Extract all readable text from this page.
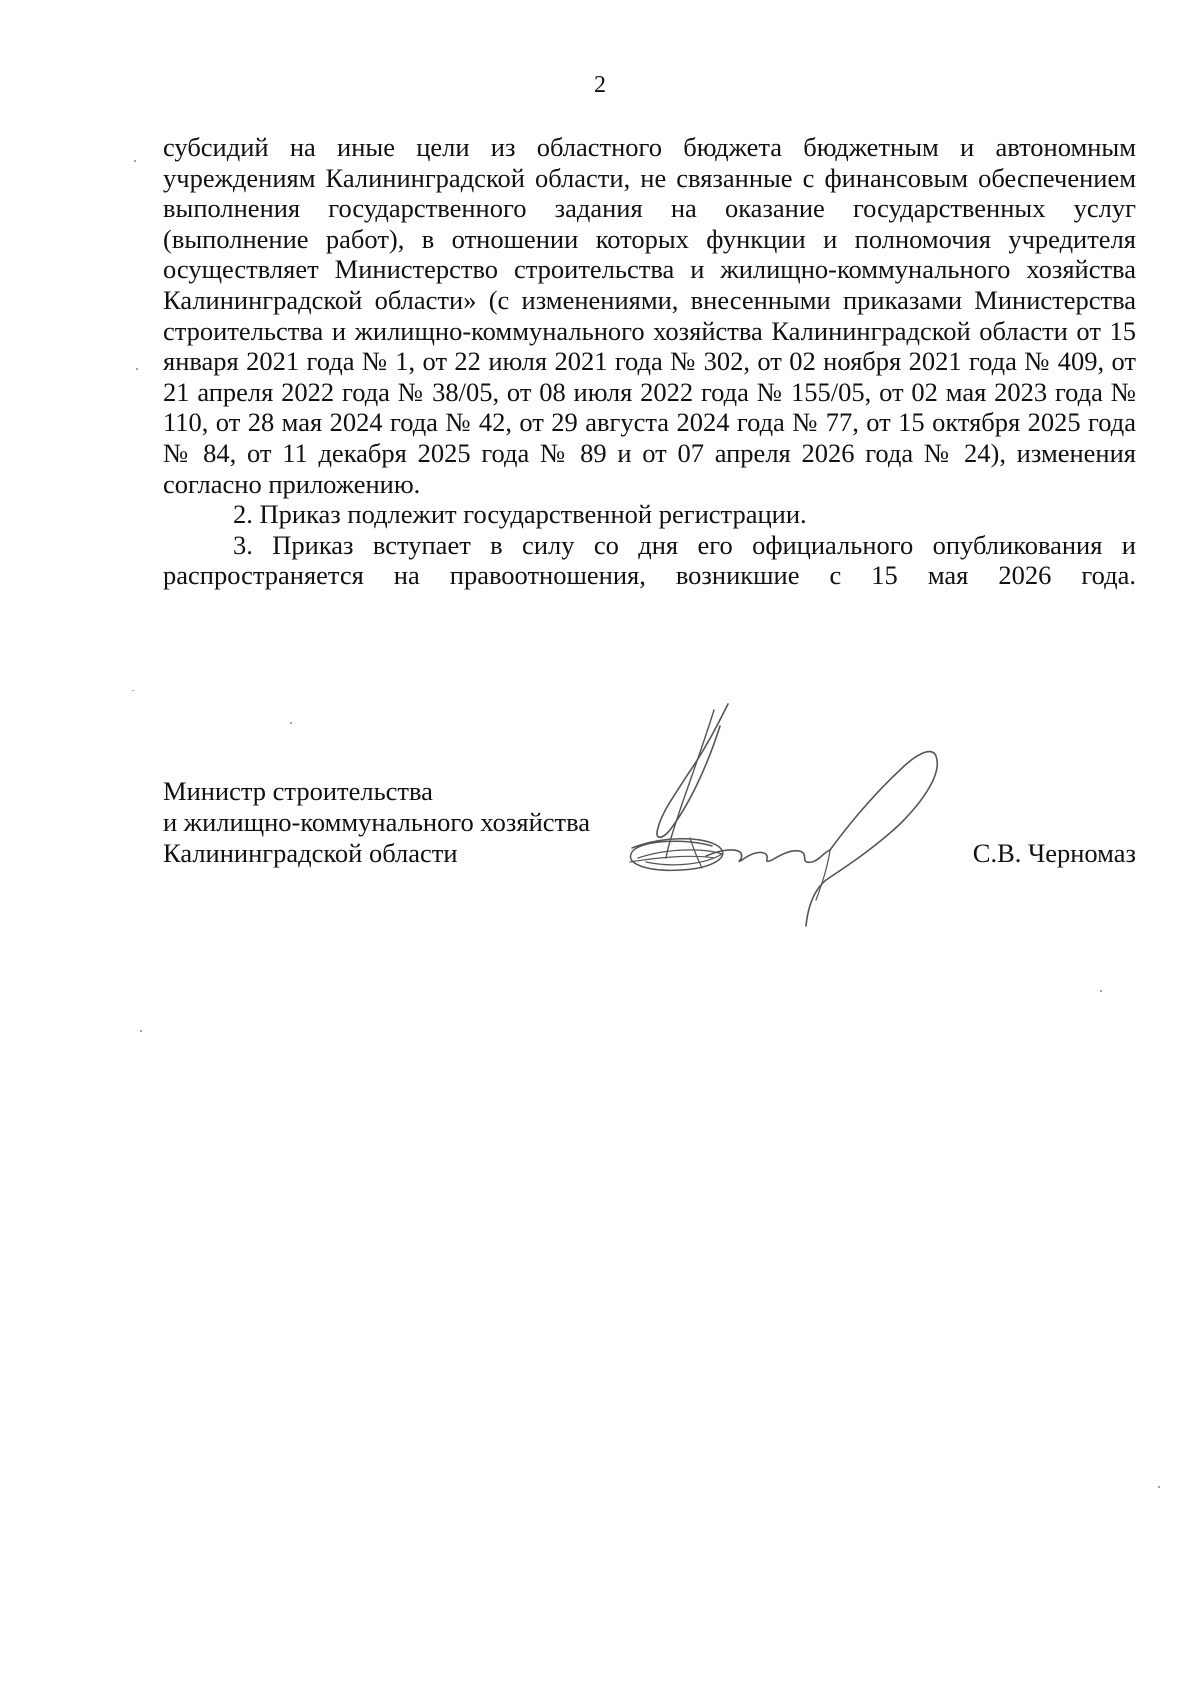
2

субсидий на иные цели из областного бюджета бюджетным и автономным учреждениям Калининградской области, не связанные с финансовым обеспечением выполнения государственного задания на оказание государственных услуг (выполнение работ), в отношении которых функции и полномочия учредителя осуществляет Министерство строительства и жилищно-коммунального хозяйства Калининградской области» (с изменениями, внесенными приказами Министерства строительства и жилищно-коммунального хозяйства Калининградской области от 15 января 2021 года № 1, от 22 июля 2021 года № 302, от 02 ноября 2021 года № 409, от 21 апреля 2022 года № 38/05, от 08 июля 2022 года № 155/05, от 02 мая 2023 года № 110, от 28 мая 2024 года № 42, от 29 августа 2024 года № 77, от 15 октября 2025 года № 84, от 11 декабря 2025 года № 89 и от 07 апреля 2026 года № 24), изменения согласно приложению.

2. Приказ подлежит государственной регистрации.

3. Приказ вступает в силу со дня его официального опубликования и распространяется на правоотношения, возникшие с 15 мая 2026 года.

Министр строительства
и жилищно-коммунального хозяйства
Калининградской области	С.В. Черномаз
